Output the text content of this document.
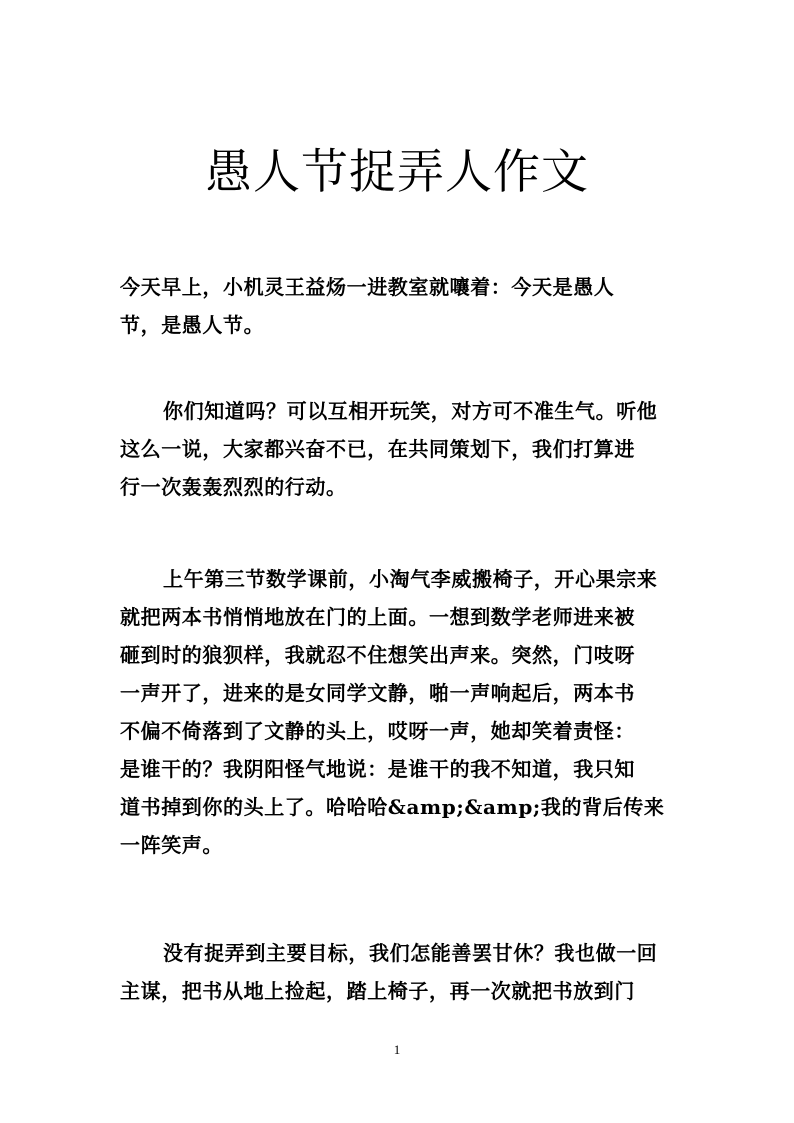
愚人节捉弄人作文
今天早上，小机灵王益炀一进教室就嚷着：今天是愚人
节，是愚人节。
你们知道吗？可以互相开玩笑，对方可不准生气。听他
这么一说，大家都兴奋不已，在共同策划下，我们打算进
行一次轰轰烈烈的行动。
上午第三节数学课前，小淘气李威搬椅子，开心果宗来
就把两本书悄悄地放在门的上面。一想到数学老师进来被
砸到时的狼狈样，我就忍不住想笑出声来。突然，门吱呀
一声开了，进来的是女同学文静，啪一声响起后，两本书
不偏不倚落到了文静的头上，哎呀一声，她却笑着责怪：
是谁干的？我阴阳怪气地说：是谁干的我不知道，我只知
道书掉到你的头上了。哈哈哈&amp;&amp;我的背后传来
一阵笑声。
没有捉弄到主要目标，我们怎能善罢甘休？我也做一回
主谋，把书从地上捡起，踏上椅子，再一次就把书放到门
1
